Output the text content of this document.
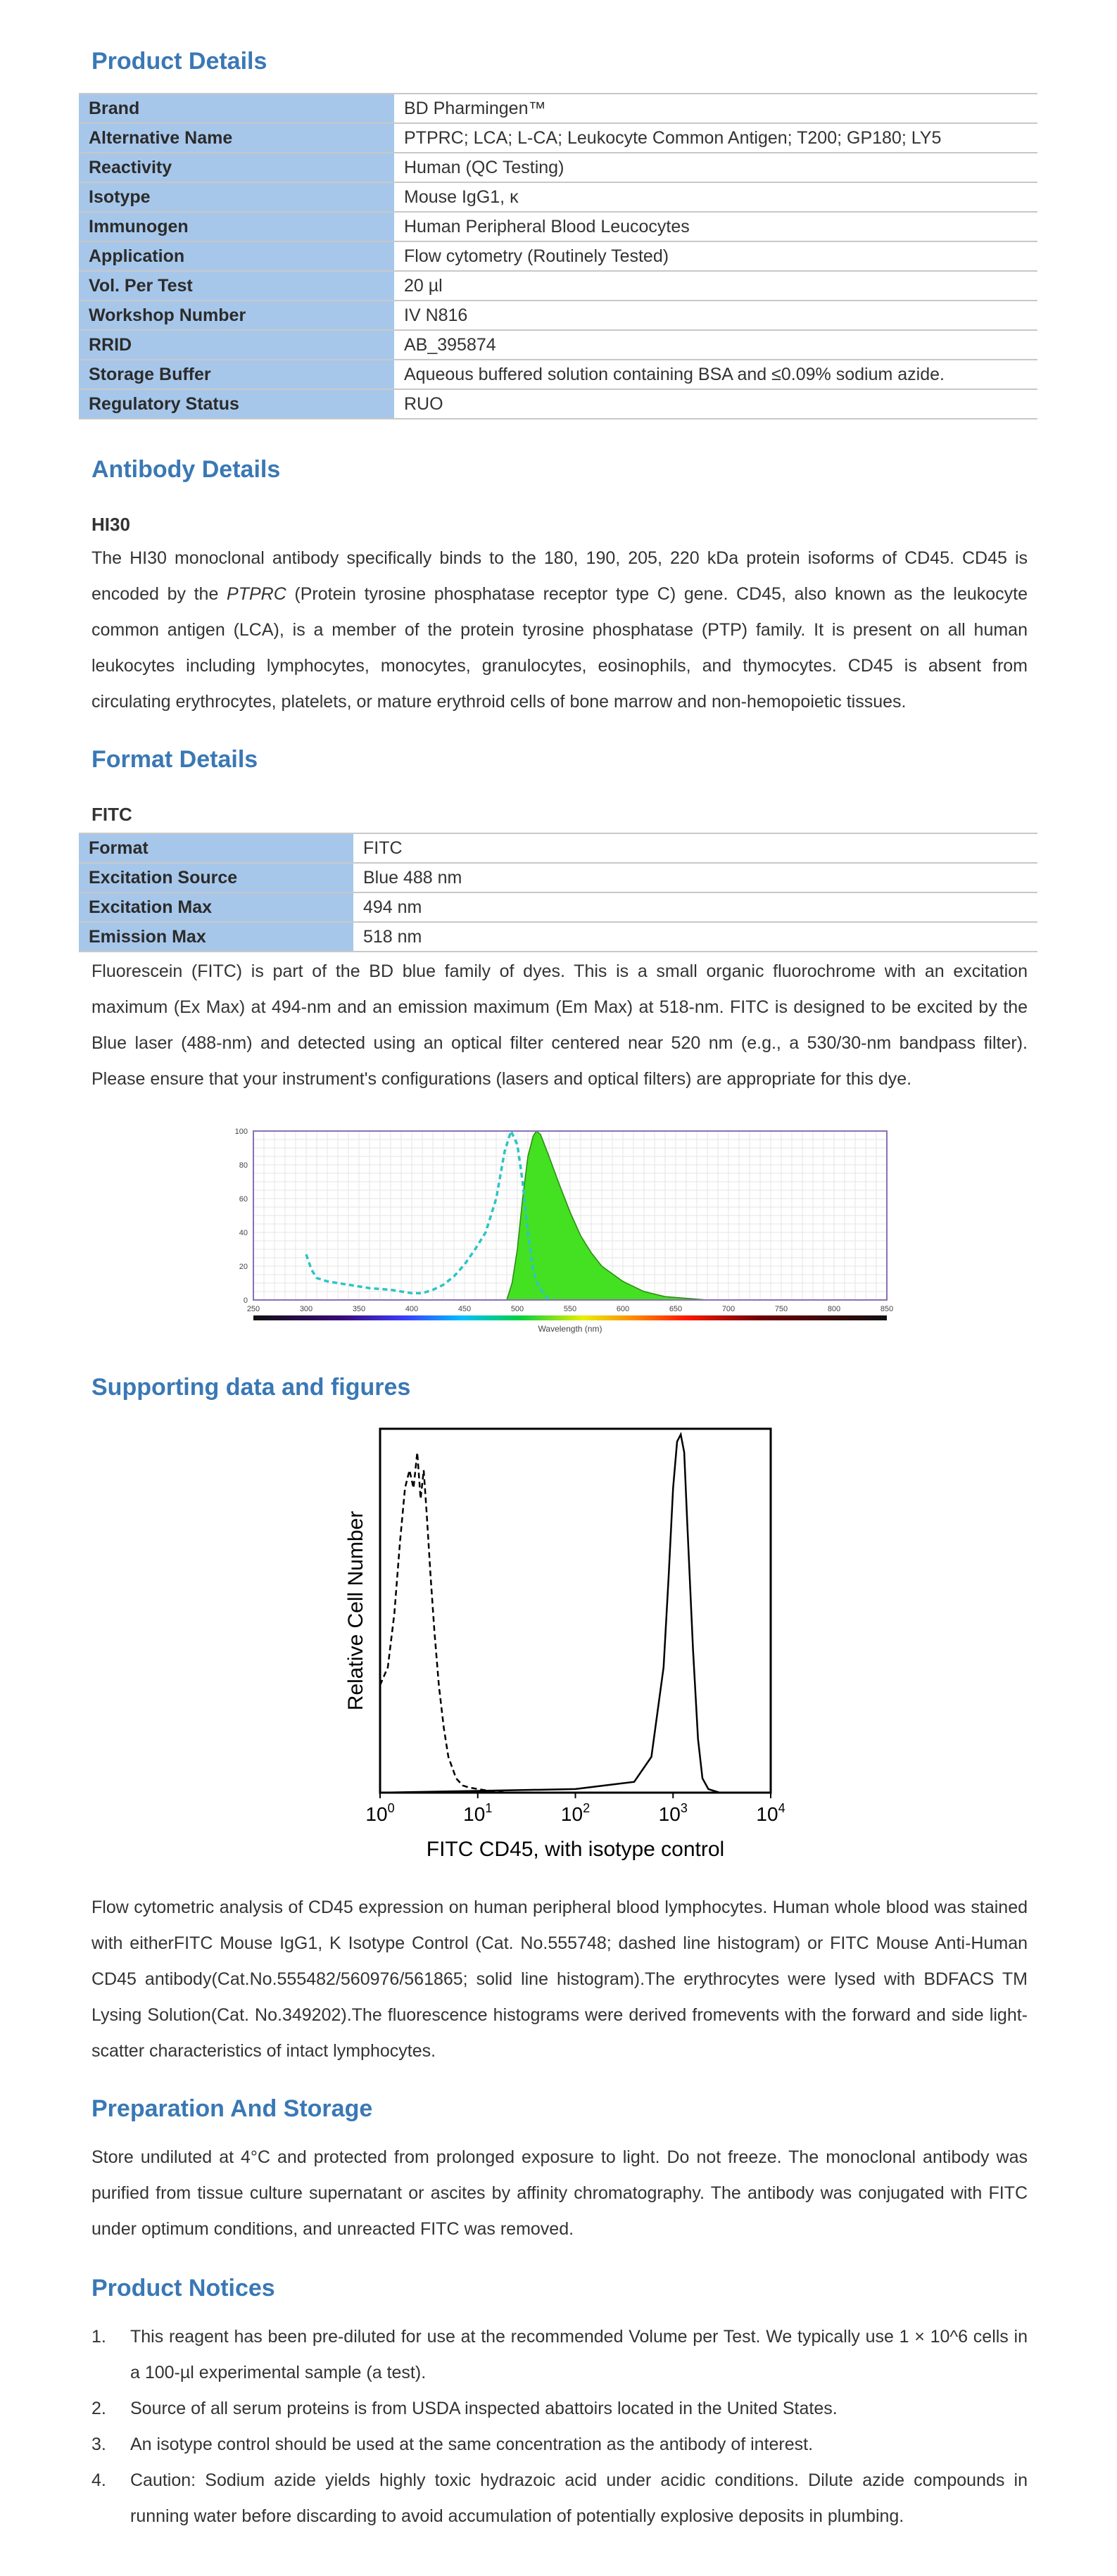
Product Details
Brand	BD Pharmingen™
Alternative Name	PTPRC; LCA; L-CA; Leukocyte Common Antigen; T200; GP180; LY5
Reactivity	Human (QC Testing)
Isotype	Mouse IgG1, κ
Immunogen	Human Peripheral Blood Leucocytes
Application	Flow cytometry (Routinely Tested)
Vol. Per Test	20 µl
Workshop Number	IV N816
RRID	AB_395874
Storage Buffer	Aqueous buffered solution containing BSA and ≤0.09% sodium azide.
Regulatory Status	RUO
Antibody Details
HI30

The HI30 monoclonal antibody specifically binds to the 180, 190, 205, 220 kDa protein isoforms of CD45. CD45 is encoded by the PTPRC (Protein tyrosine phosphatase receptor type C) gene. CD45, also known as the leukocyte common antigen (LCA), is a member of the protein tyrosine phosphatase (PTP) family. It is present on all human leukocytes including lymphocytes, monocytes, granulocytes, eosinophils, and thymocytes. CD45 is absent from circulating erythrocytes, platelets, or mature erythroid cells of bone marrow and non-hemopoietic tissues.

Format Details
FITC
Format	FITC
Excitation Source	Blue 488 nm
Excitation Max	494 nm
Emission Max	518 nm

Fluorescein (FITC) is part of the BD blue family of dyes. This is a small organic fluorochrome with an excitation maximum (Ex Max) at 494-nm and an emission maximum (Em Max) at 518-nm. FITC is designed to be excited by the Blue laser (488-nm) and detected using an optical filter centered near 520 nm (e.g., a 530/30-nm bandpass filter). Please ensure that your instrument's configurations (lasers and optical filters) are appropriate for this dye.

0
20
40
60
80
100
250	300	350	400	450	500	550	600	650	700	750	800	850
Wavelength (nm)
Supporting data and figures
$10^0$	$10^1$	$10^2$	$10^3$	$10^4$
FITC CD45, with isotype control
Relative Cell Number

Flow cytometric analysis of CD45 expression on human peripheral blood lymphocytes. Human whole blood was stained with eitherFITC Mouse IgG1, K Isotype Control (Cat. No.555748; dashed line histogram) or FITC Mouse Anti-Human CD45 antibody(Cat.No.555482/560976/561865; solid line histogram).The erythrocytes were lysed with BDFACS TM Lysing Solution(Cat. No.349202).The fluorescence histograms were derived fromevents with the forward and side light-scatter characteristics of intact lymphocytes.

Preparation And Storage

Store undiluted at 4°C and protected from prolonged exposure to light. Do not freeze. The monoclonal antibody was purified from tissue culture supernatant or ascites by affinity chromatography. The antibody was conjugated with FITC under optimum conditions, and unreacted FITC was removed.

Product Notices
1. This reagent has been pre-diluted for use at the recommended Volume per Test. We typically use 1 × 10^6 cells in a 100-µl experimental sample (a test).
2. Source of all serum proteins is from USDA inspected abattoirs located in the United States.
3. An isotype control should be used at the same concentration as the antibody of interest.
4. Caution: Sodium azide yields highly toxic hydrazoic acid under acidic conditions. Dilute azide compounds in running water before discarding to avoid accumulation of potentially explosive deposits in plumbing.
